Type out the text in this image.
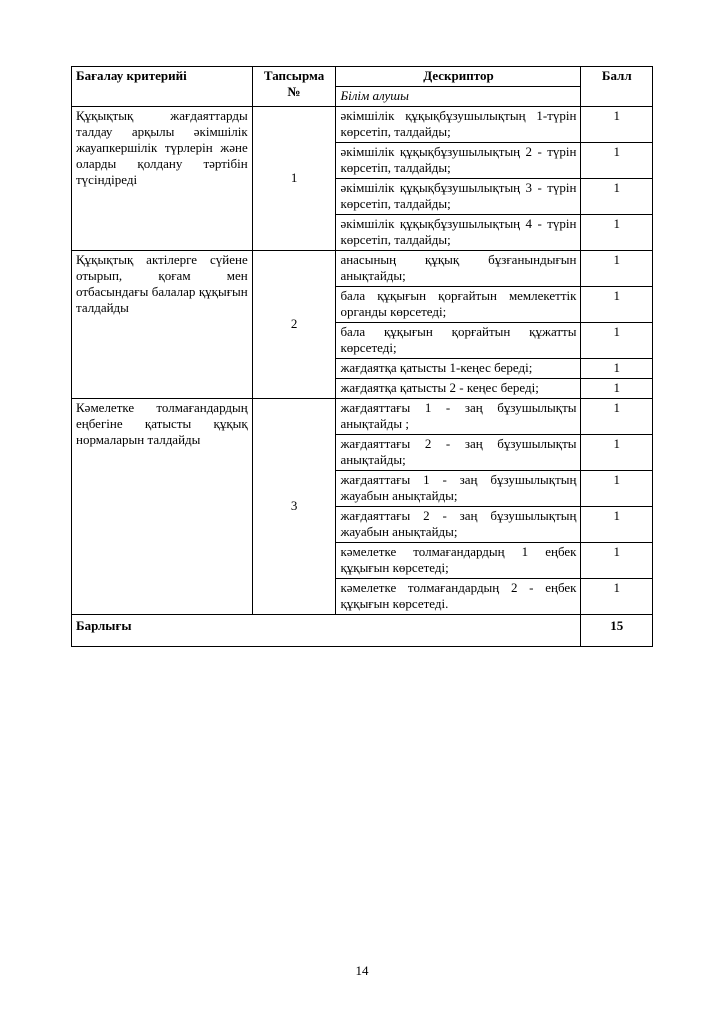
Бағалау критерийі	Тапсырма №	Дескриптор	Балл
		Білім алушы	
Құқықтық жағдаяттарды талдау арқылы әкімшілік жауапкершілік түрлерін және оларды қолдану тәртібін түсіндіреді	1	әкімшілік құқықбұзушылықтың 1-түрін көрсетіп, талдайды;	1
		әкімшілік құқықбұзушылықтың 2 - түрін көрсетіп, талдайды;	1
		әкімшілік құқықбұзушылықтың 3 - түрін көрсетіп, талдайды;	1
		әкімшілік құқықбұзушылықтың 4 - түрін көрсетіп, талдайды;	1
Құқықтық актілерге сүйене отырып, қоғам мен отбасындағы балалар құқығын талдайды	2	анасының құқық бұзғанындығын анықтайды;	1
		бала құқығын қорғайтын мемлекеттік органды көрсетеді;	1
		бала құқығын қорғайтын құжатты көрсетеді;	1
		жағдаятқа қатысты 1-кеңес береді;	1
		жағдаятқа қатысты 2 - кеңес береді;	1
Кәмелетке толмағандардың еңбегіне қатысты құқық нормаларын талдайды	3	жағдаяттағы 1 - заң бұзушылықты анықтайды ;	1
		жағдаяттағы 2 - заң бұзушылықты анықтайды;	1
		жағдаяттағы 1 - заң бұзушылықтың жауабын анықтайды;	1
		жағдаяттағы 2 - заң бұзушылықтың жауабын анықтайды;	1
		кәмелетке толмағандардың 1 еңбек құқығын көрсетеді;	1
		кәмелетке толмағандардың 2 - еңбек құқығын көрсетеді.	1
Барлығы			15
14
